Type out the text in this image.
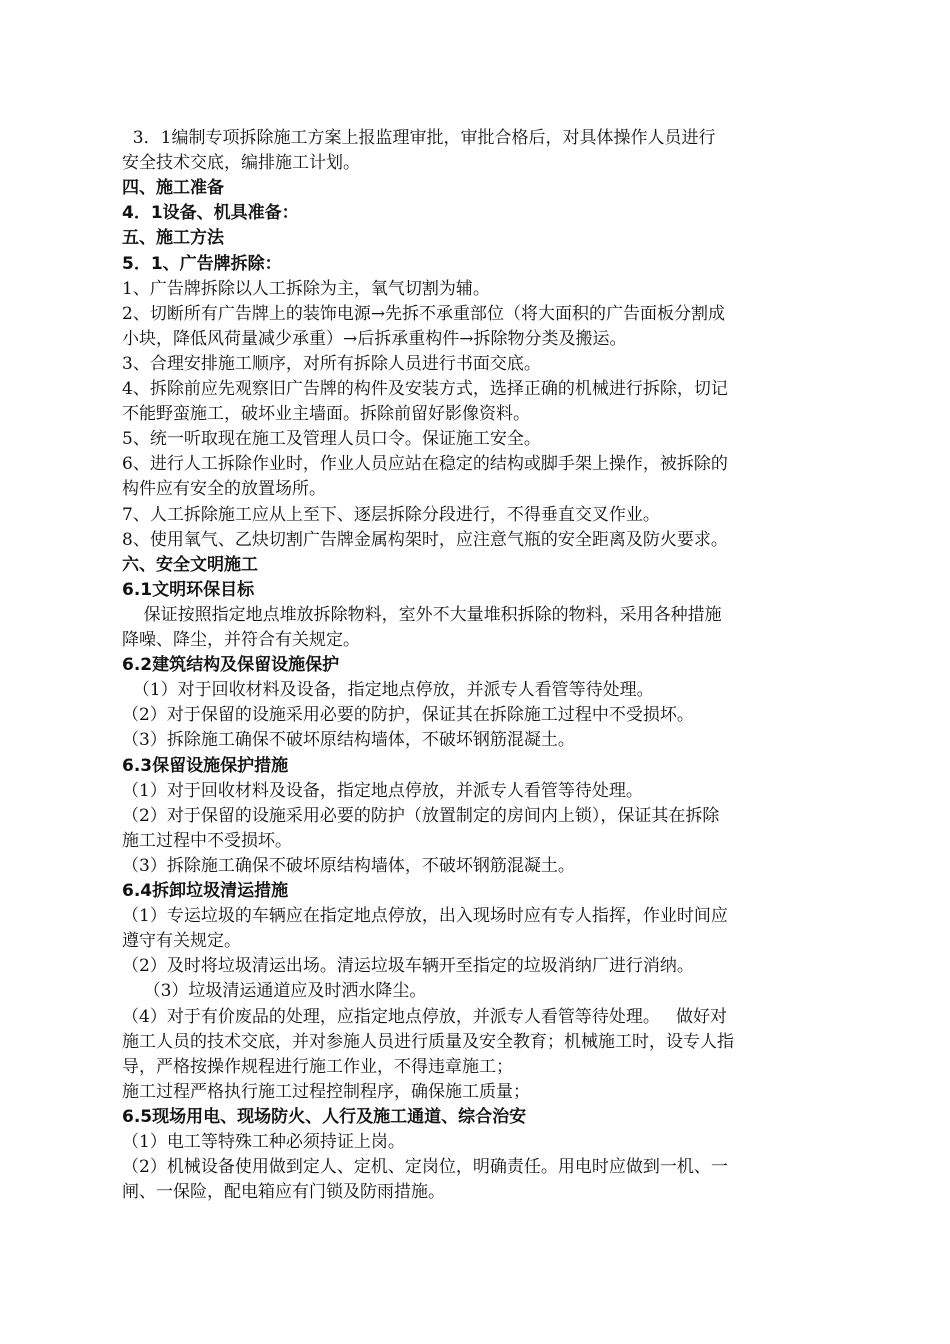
3．1编制专项拆除施工方案上报监理审批，审批合格后，对具体操作人员进行
安全技术交底，编排施工计划。
四、施工准备
4．1设备、机具准备：
五、施工方法
5．1、广告牌拆除：
1、广告牌拆除以人工拆除为主，氧气切割为辅。
2、切断所有广告牌上的装饰电源→先拆不承重部位（将大面积的广告面板分割成
小块，降低风荷量减少承重）→后拆承重构件→拆除物分类及搬运。
3、合理安排施工顺序，对所有拆除人员进行书面交底。
4、拆除前应先观察旧广告牌的构件及安装方式，选择正确的机械进行拆除，切记
不能野蛮施工，破坏业主墙面。拆除前留好影像资料。
5、统一听取现在施工及管理人员口令。保证施工安全。
6、进行人工拆除作业时，作业人员应站在稳定的结构或脚手架上操作，被拆除的
构件应有安全的放置场所。
7、人工拆除施工应从上至下、逐层拆除分段进行，不得垂直交叉作业。
8、使用氧气、乙炔切割广告牌金属构架时，应注意气瓶的安全距离及防火要求。
六、安全文明施工
6.1文明环保目标
保证按照指定地点堆放拆除物料，室外不大量堆积拆除的物料，采用各种措施
降噪、降尘，并符合有关规定。
6.2建筑结构及保留设施保护
（1）对于回收材料及设备，指定地点停放，并派专人看管等待处理。
（2）对于保留的设施采用必要的防护，保证其在拆除施工过程中不受损坏。
（3）拆除施工确保不破坏原结构墙体，不破坏钢筋混凝土。
6.3保留设施保护措施
（1）对于回收材料及设备，指定地点停放，并派专人看管等待处理。
（2）对于保留的设施采用必要的防护（放置制定的房间内上锁），保证其在拆除
施工过程中不受损坏。
（3）拆除施工确保不破坏原结构墙体，不破坏钢筋混凝土。
6.4拆卸垃圾清运措施
（1）专运垃圾的车辆应在指定地点停放，出入现场时应有专人指挥，作业时间应
遵守有关规定。
（2）及时将垃圾清运出场。清运垃圾车辆开至指定的垃圾消纳厂进行消纳。
（3）垃圾清运通道应及时洒水降尘。
（4）对于有价废品的处理，应指定地点停放，并派专人看管等待处理。   做好对
施工人员的技术交底，并对参施人员进行质量及安全教育；机械施工时，设专人指
导，严格按操作规程进行施工作业，不得违章施工；
施工过程严格执行施工过程控制程序，确保施工质量；
6.5现场用电、现场防火、人行及施工通道、综合治安
（1）电工等特殊工种必须持证上岗。
（2）机械设备使用做到定人、定机、定岗位，明确责任。用电时应做到一机、一
闸、一保险，配电箱应有门锁及防雨措施。
